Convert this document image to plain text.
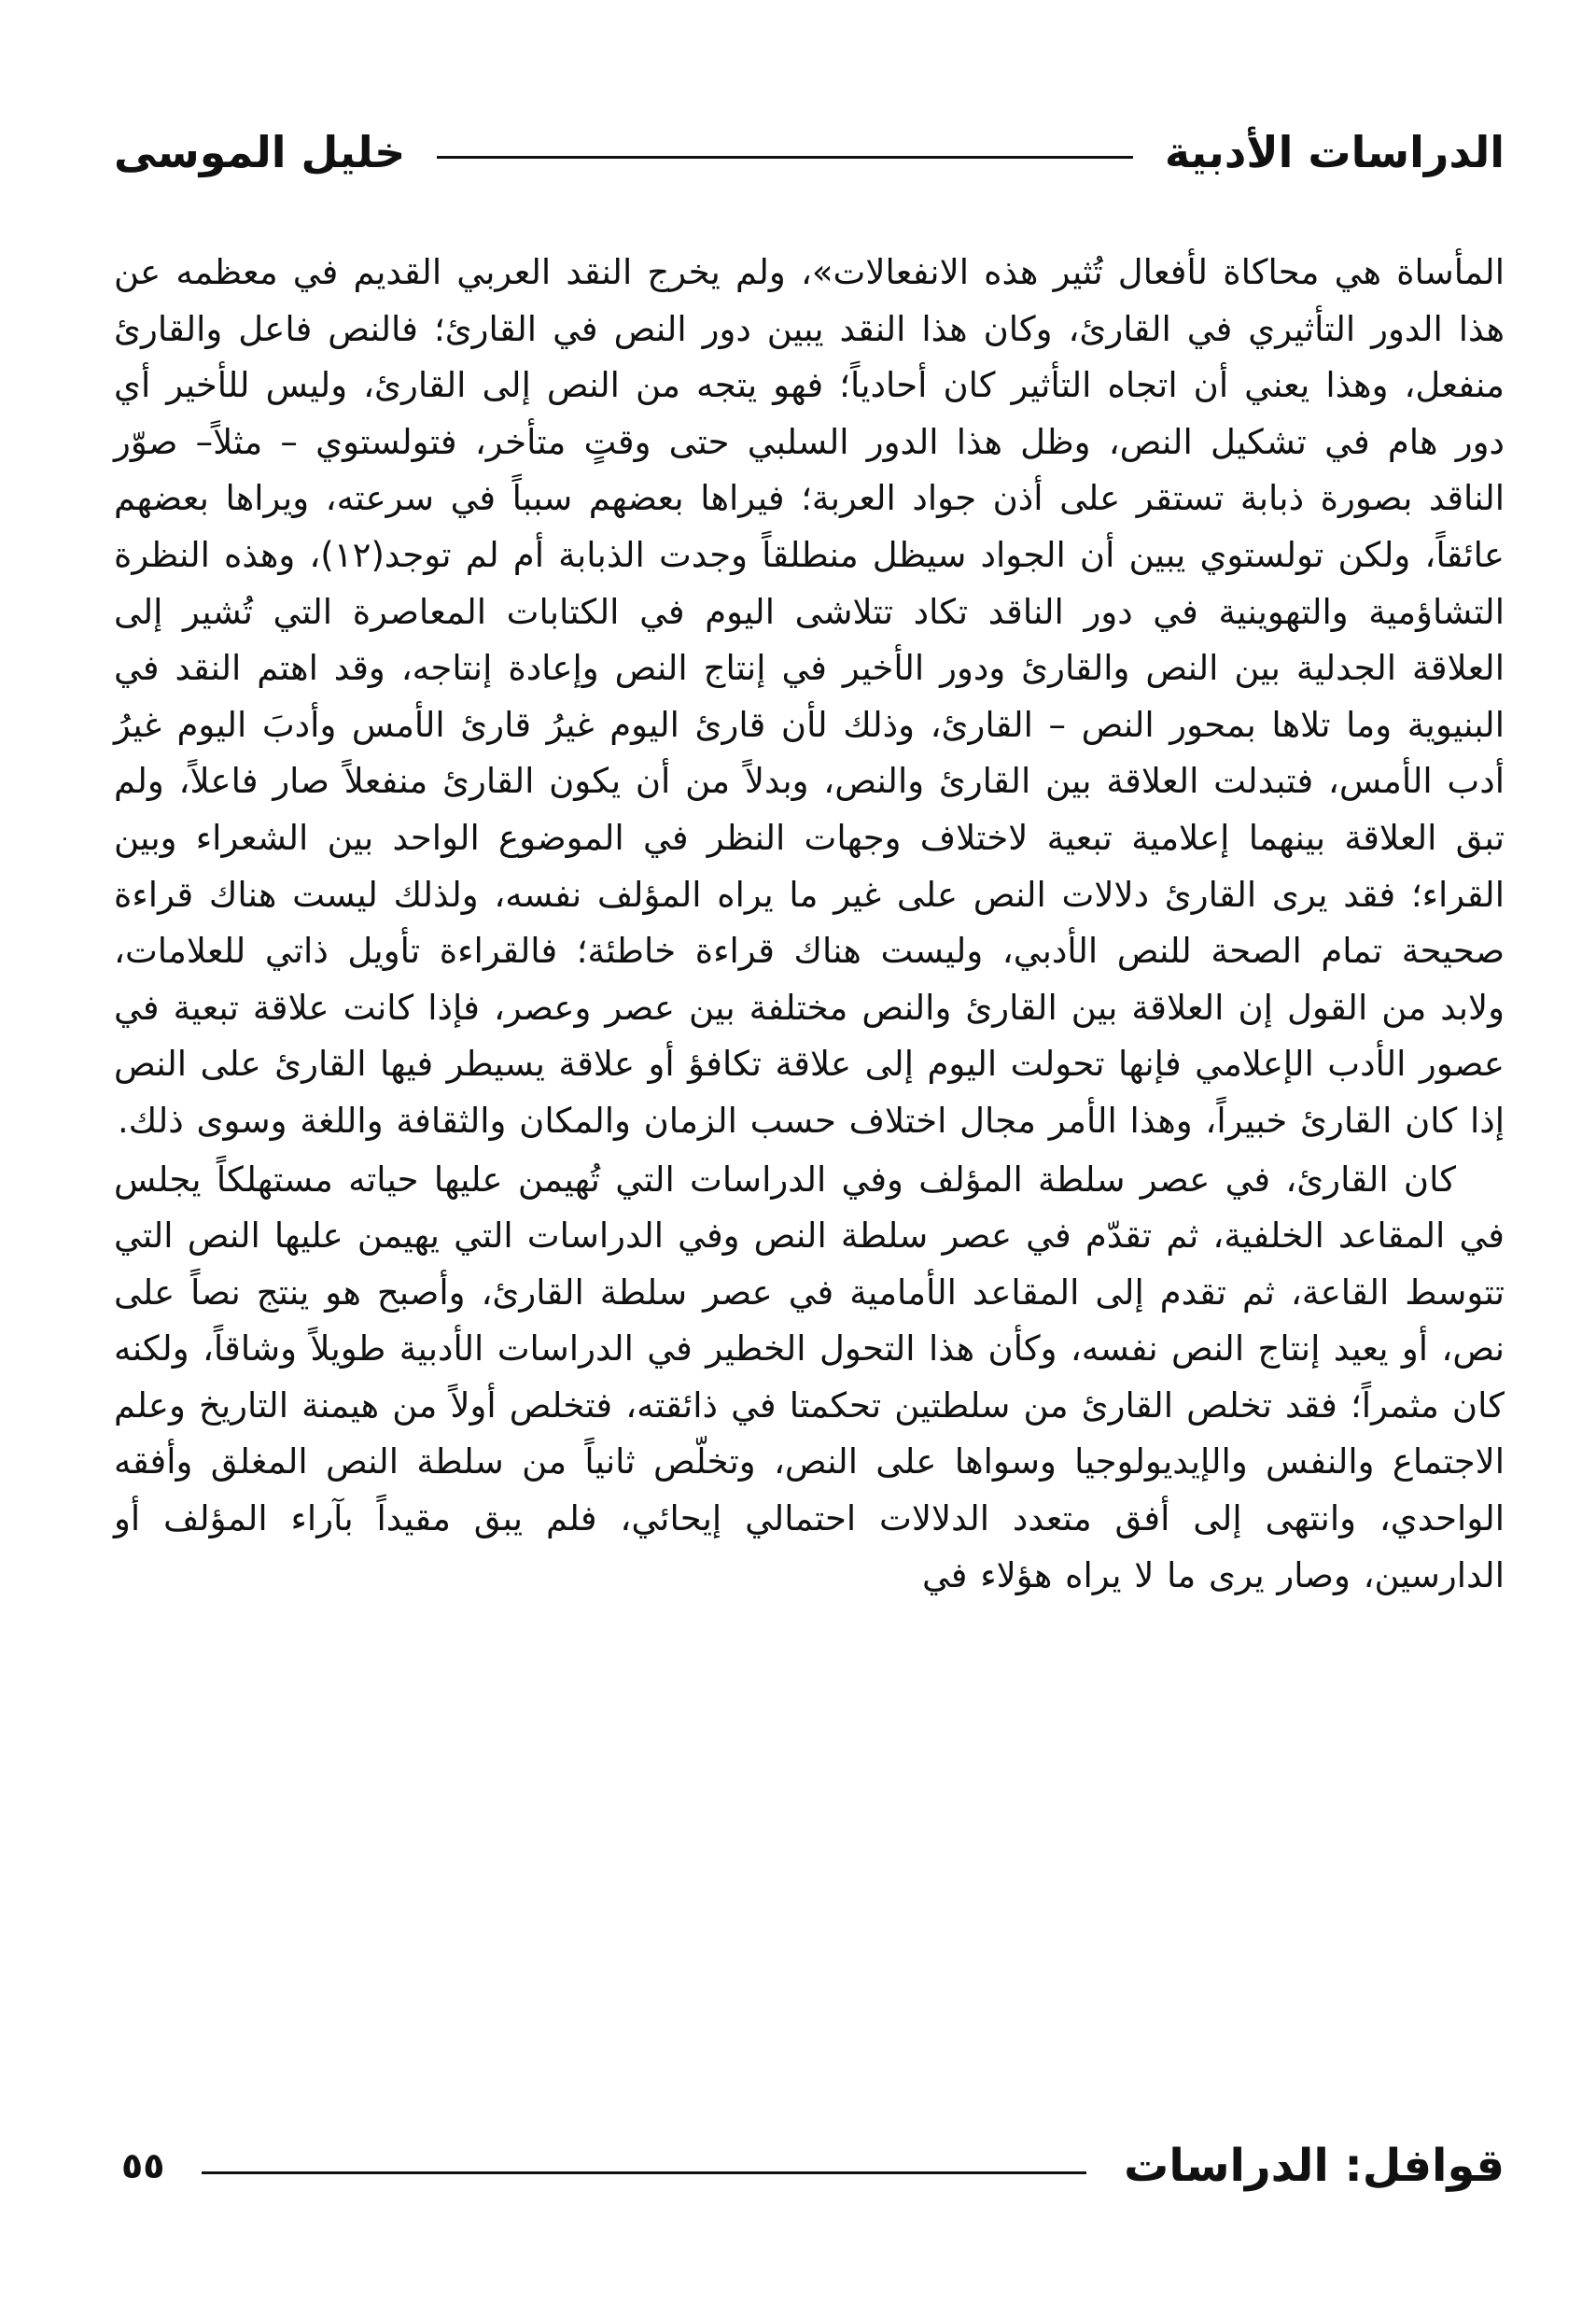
الدراسات الأدبية
خليل الموسى

المأساة هي محاكاة لأفعال تُثير هذه الانفعالات»، ولم يخرج النقد العربي القديم في معظمه عن هذا الدور التأثيري في القارئ، وكان هذا النقد يبين دور النص في القارئ؛ فالنص فاعل والقارئ منفعل، وهذا يعني أن اتجاه التأثير كان أحادياً؛ فهو يتجه من النص إلى القارئ، وليس للأخير أي دور هام في تشكيل النص، وظل هذا الدور السلبي حتى وقتٍ متأخر، فتولستوي – مثلاً– صوّر الناقد بصورة ذبابة تستقر على أذن جواد العربة؛ فيراها بعضهم سبباً في سرعته، ويراها بعضهم عائقاً، ولكن تولستوي يبين أن الجواد سيظل منطلقاً وجدت الذبابة أم لم توجد(١٢)، وهذه النظرة التشاؤمية والتهوينية في دور الناقد تكاد تتلاشى اليوم في الكتابات المعاصرة التي تُشير إلى العلاقة الجدلية بين النص والقارئ ودور الأخير في إنتاج النص وإعادة إنتاجه، وقد اهتم النقد في البنيوية وما تلاها بمحور النص – القارئ، وذلك لأن قارئ اليوم غيرُ قارئ الأمس وأدبَ اليوم غيرُ أدب الأمس، فتبدلت العلاقة بين القارئ والنص، وبدلاً من أن يكون القارئ منفعلاً صار فاعلاً، ولم تبق العلاقة بينهما إعلامية تبعية لاختلاف وجهات النظر في الموضوع الواحد بين الشعراء وبين القراء؛ فقد يرى القارئ دلالات النص على غير ما يراه المؤلف نفسه، ولذلك ليست هناك قراءة صحيحة تمام الصحة للنص الأدبي، وليست هناك قراءة خاطئة؛ فالقراءة تأويل ذاتي للعلامات، ولابد من القول إن العلاقة بين القارئ والنص مختلفة بين عصر وعصر، فإذا كانت علاقة تبعية في عصور الأدب الإعلامي فإنها تحولت اليوم إلى علاقة تكافؤ أو علاقة يسيطر فيها القارئ على النص إذا كان القارئ خبيراً، وهذا الأمر مجال اختلاف حسب الزمان والمكان والثقافة واللغة وسوى ذلك.

كان القارئ، في عصر سلطة المؤلف وفي الدراسات التي تُهيمن عليها حياته مستهلكاً يجلس في المقاعد الخلفية، ثم تقدّم في عصر سلطة النص وفي الدراسات التي يهيمن عليها النص التي تتوسط القاعة، ثم تقدم إلى المقاعد الأمامية في عصر سلطة القارئ، وأصبح هو ينتج نصاً على نص، أو يعيد إنتاج النص نفسه، وكأن هذا التحول الخطير في الدراسات الأدبية طويلاً وشاقاً، ولكنه كان مثمراً؛ فقد تخلص القارئ من سلطتين تحكمتا في ذائقته، فتخلص أولاً من هيمنة التاريخ وعلم الاجتماع والنفس والإيديولوجيا وسواها على النص، وتخلّص ثانياً من سلطة النص المغلق وأفقه الواحدي، وانتهى إلى أفق متعدد الدلالات احتمالي إيحائي، فلم يبق مقيداً بآراء المؤلف أو الدارسين، وصار يرى ما لا يراه هؤلاء في

قوافل: الدراسات
٥٥
